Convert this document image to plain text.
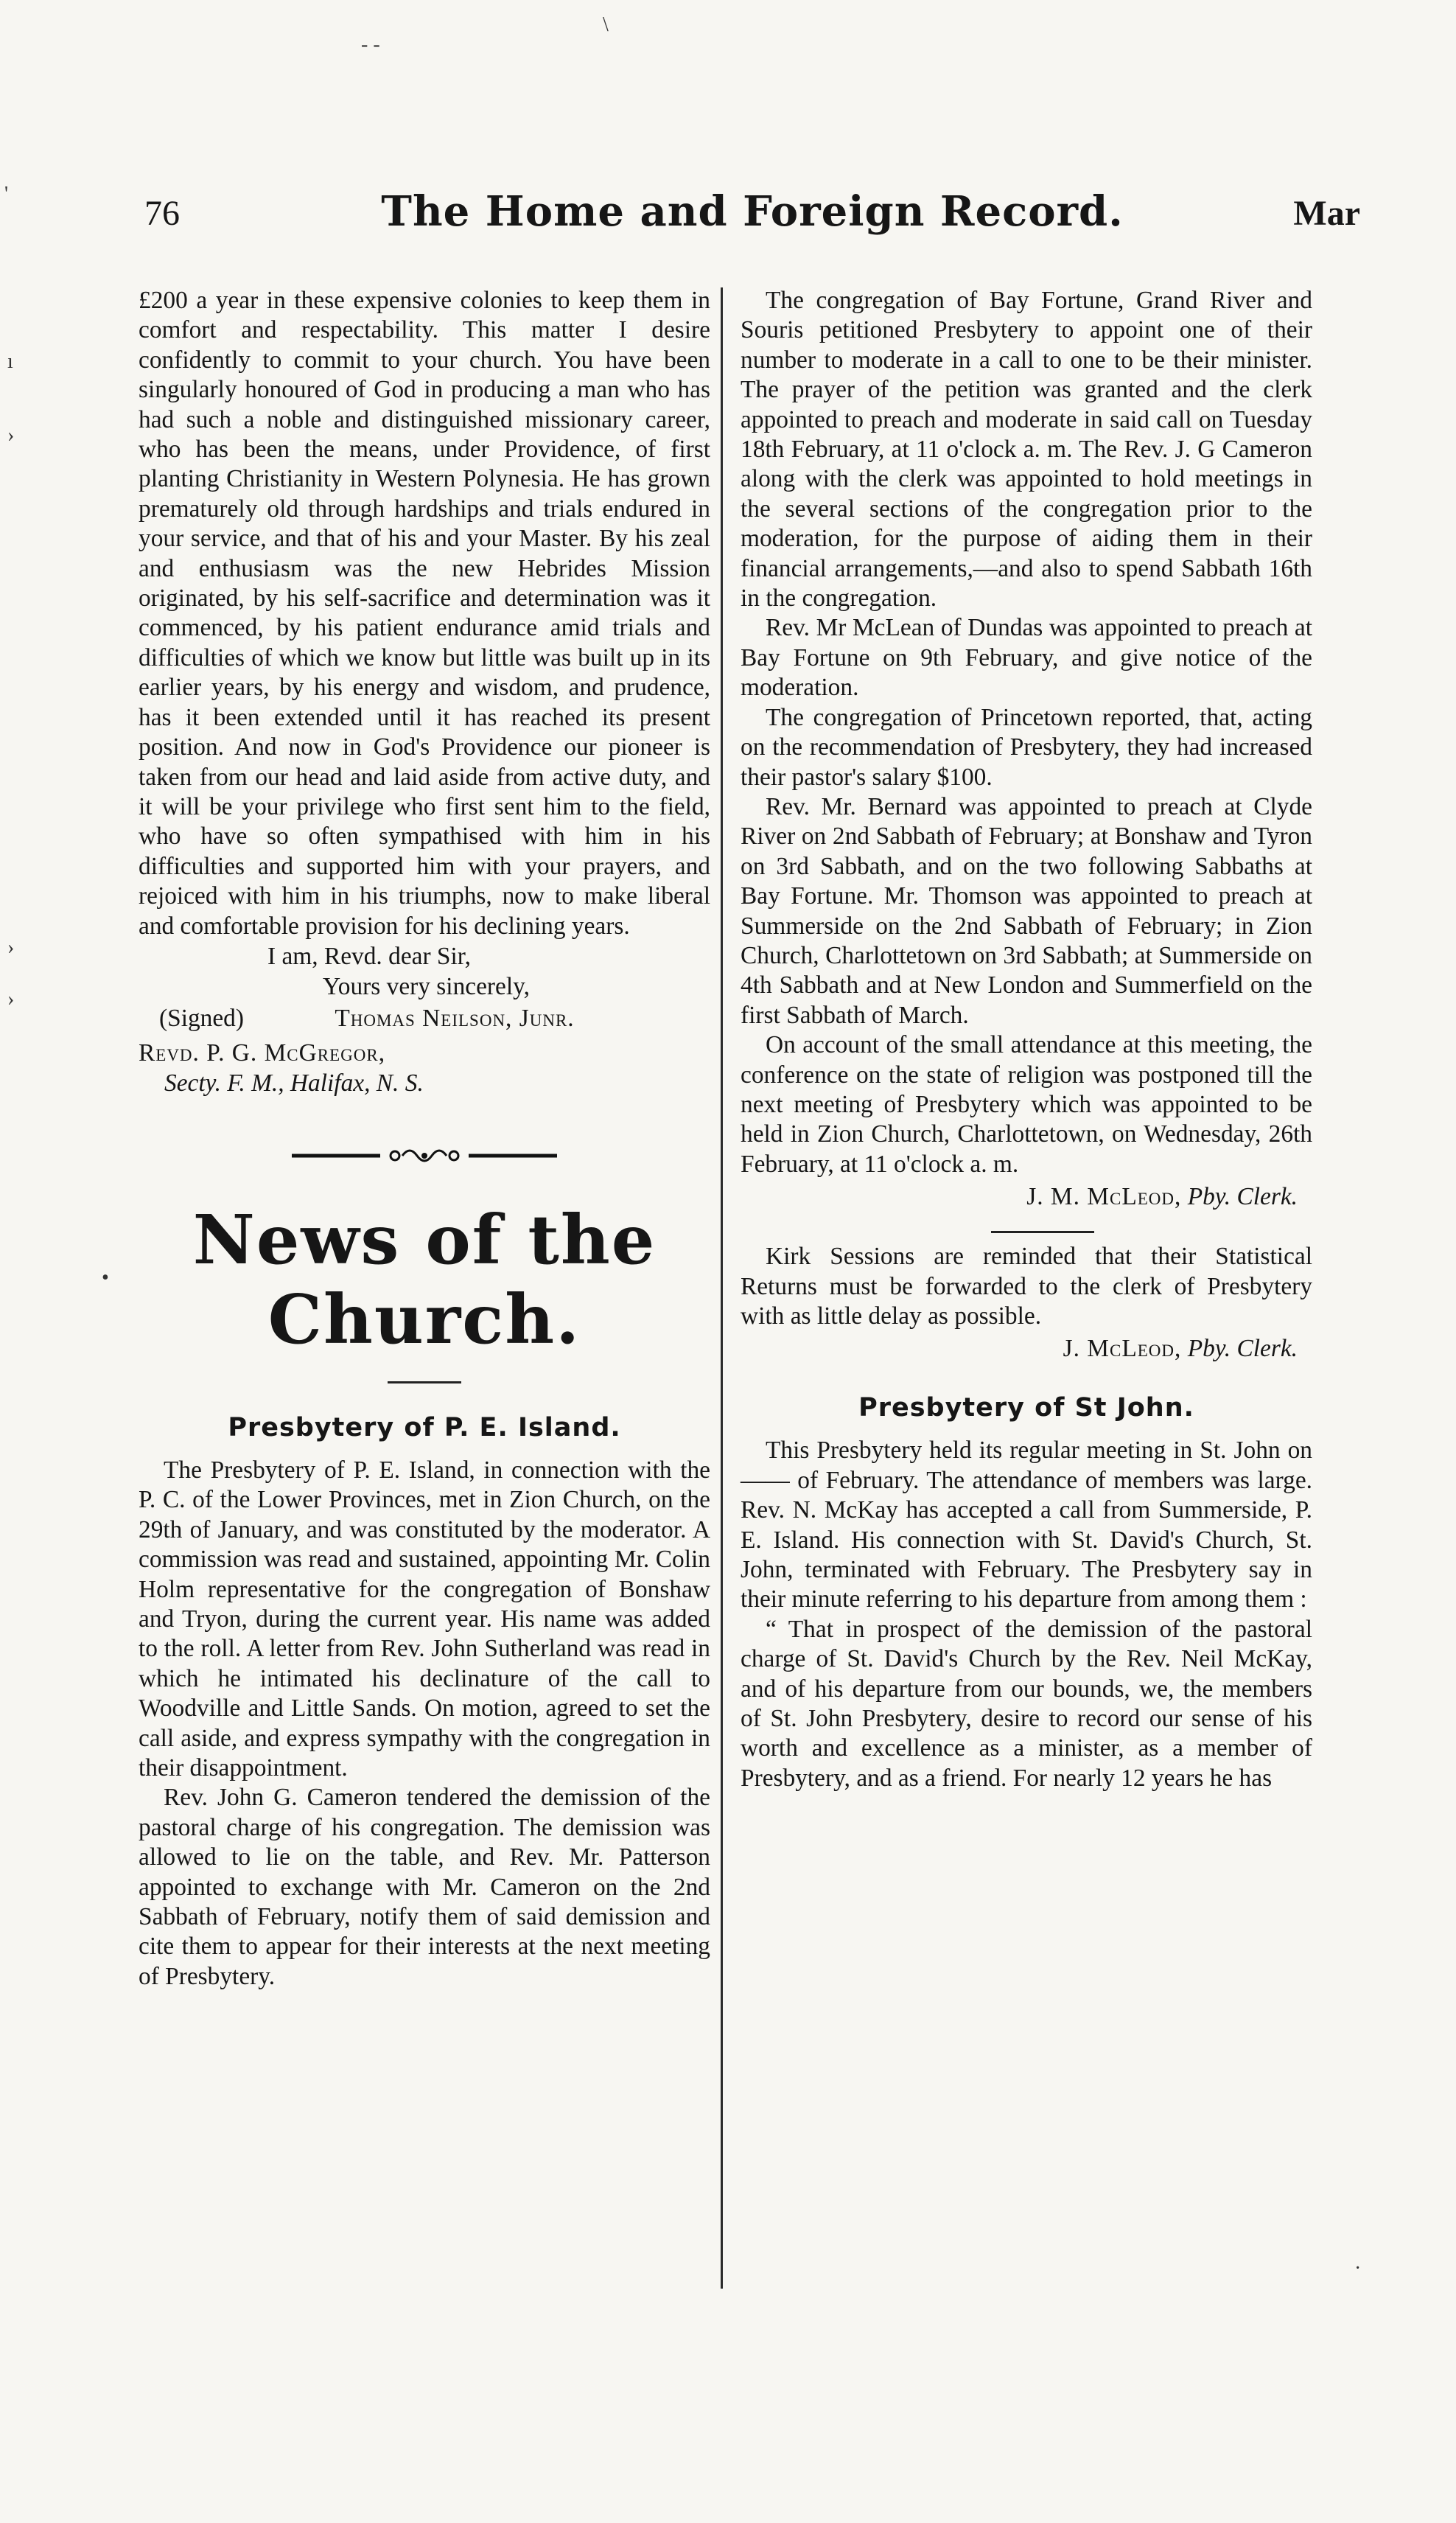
\
- -
'
ı
›
›
›
•
·
76	The Home and Foreign Record.	Mar

£200 a year in these expensive colonies to keep them in comfort and respectability. This matter I desire confidently to commit to your church. You have been singularly honoured of God in producing a man who has had such a noble and distinguished missionary career, who has been the means, under Providence, of first planting Christianity in Western Polynesia. He has grown prematurely old through hardships and trials endured in your service, and that of his and your Master. By his zeal and enthusiasm was the new Hebrides Mission originated, by his self-sacrifice and determination was it commenced, by his patient endurance amid trials and difficulties of which we know but little was built up in its earlier years, by his energy and wisdom, and prudence, has it been extended until it has reached its present position. And now in God's Providence our pioneer is taken from our head and laid aside from active duty, and it will be your privilege who first sent him to the field, who have so often sympathised with him in his difficulties and supported him with your prayers, and rejoiced with him in his triumphs, now to make liberal and comfortable provision for his declining years.

I am, Revd. dear Sir,
Yours very sincerely,
(Signed)	Thomas Neilson, Junr.
Revd. P. G. McGregor,
Secty. F. M., Halifax, N. S.
News of the Church.
Presbytery of P. E. Island.

The Presbytery of P. E. Island, in connection with the P. C. of the Lower Provinces, met in Zion Church, on the 29th of January, and was constituted by the moderator. A commission was read and sustained, appointing Mr. Colin Holm representative for the congregation of Bonshaw and Tryon, during the current year. His name was added to the roll. A letter from Rev. John Sutherland was read in which he intimated his declinature of the call to Woodville and Little Sands. On motion, agreed to set the call aside, and express sympathy with the congregation in their disappointment.

Rev. John G. Cameron tendered the demission of the pastoral charge of his congregation. The demission was allowed to lie on the table, and Rev. Mr. Patterson appointed to exchange with Mr. Cameron on the 2nd Sabbath of February, notify them of said demission and cite them to appear for their interests at the next meeting of Presbytery.

The congregation of Bay Fortune, Grand River and Souris petitioned Presbytery to appoint one of their number to moderate in a call to one to be their minister. The prayer of the petition was granted and the clerk appointed to preach and moderate in said call on Tuesday 18th February, at 11 o'clock a. m. The Rev. J. G Cameron along with the clerk was appointed to hold meetings in the several sections of the congregation prior to the moderation, for the purpose of aiding them in their financial arrangements,—and also to spend Sabbath 16th in the congregation.

Rev. Mr McLean of Dundas was appointed to preach at Bay Fortune on 9th February, and give notice of the moderation.

The congregation of Princetown reported, that, acting on the recommendation of Presbytery, they had increased their pastor's salary $100.

Rev. Mr. Bernard was appointed to preach at Clyde River on 2nd Sabbath of February; at Bonshaw and Tyron on 3rd Sabbath, and on the two following Sabbaths at Bay Fortune. Mr. Thomson was appointed to preach at Summerside on the 2nd Sabbath of February; in Zion Church, Charlottetown on 3rd Sabbath; at Summerside on 4th Sabbath and at New London and Summerfield on the first Sabbath of March.

On account of the small attendance at this meeting, the conference on the state of religion was postponed till the next meeting of Presbytery which was appointed to be held in Zion Church, Charlottetown, on Wednesday, 26th February, at 11 o'clock a. m.

J. M. McLeod, Pby. Clerk.

Kirk Sessions are reminded that their Statistical Returns must be forwarded to the clerk of Presbytery with as little delay as possible.

J. McLeod, Pby. Clerk.
Presbytery of St John.

This Presbytery held its regular meeting in St. John on —— of February. The attendance of members was large. Rev. N. McKay has accepted a call from Summerside, P. E. Island. His connection with St. David's Church, St. John, terminated with February. The Presbytery say in their minute referring to his departure from among them :

“ That in prospect of the demission of the pastoral charge of St. David's Church by the Rev. Neil McKay, and of his departure from our bounds, we, the members of St. John Presbytery, desire to record our sense of his worth and excellence as a minister, as a member of Presbytery, and as a friend. For nearly 12 years he has
